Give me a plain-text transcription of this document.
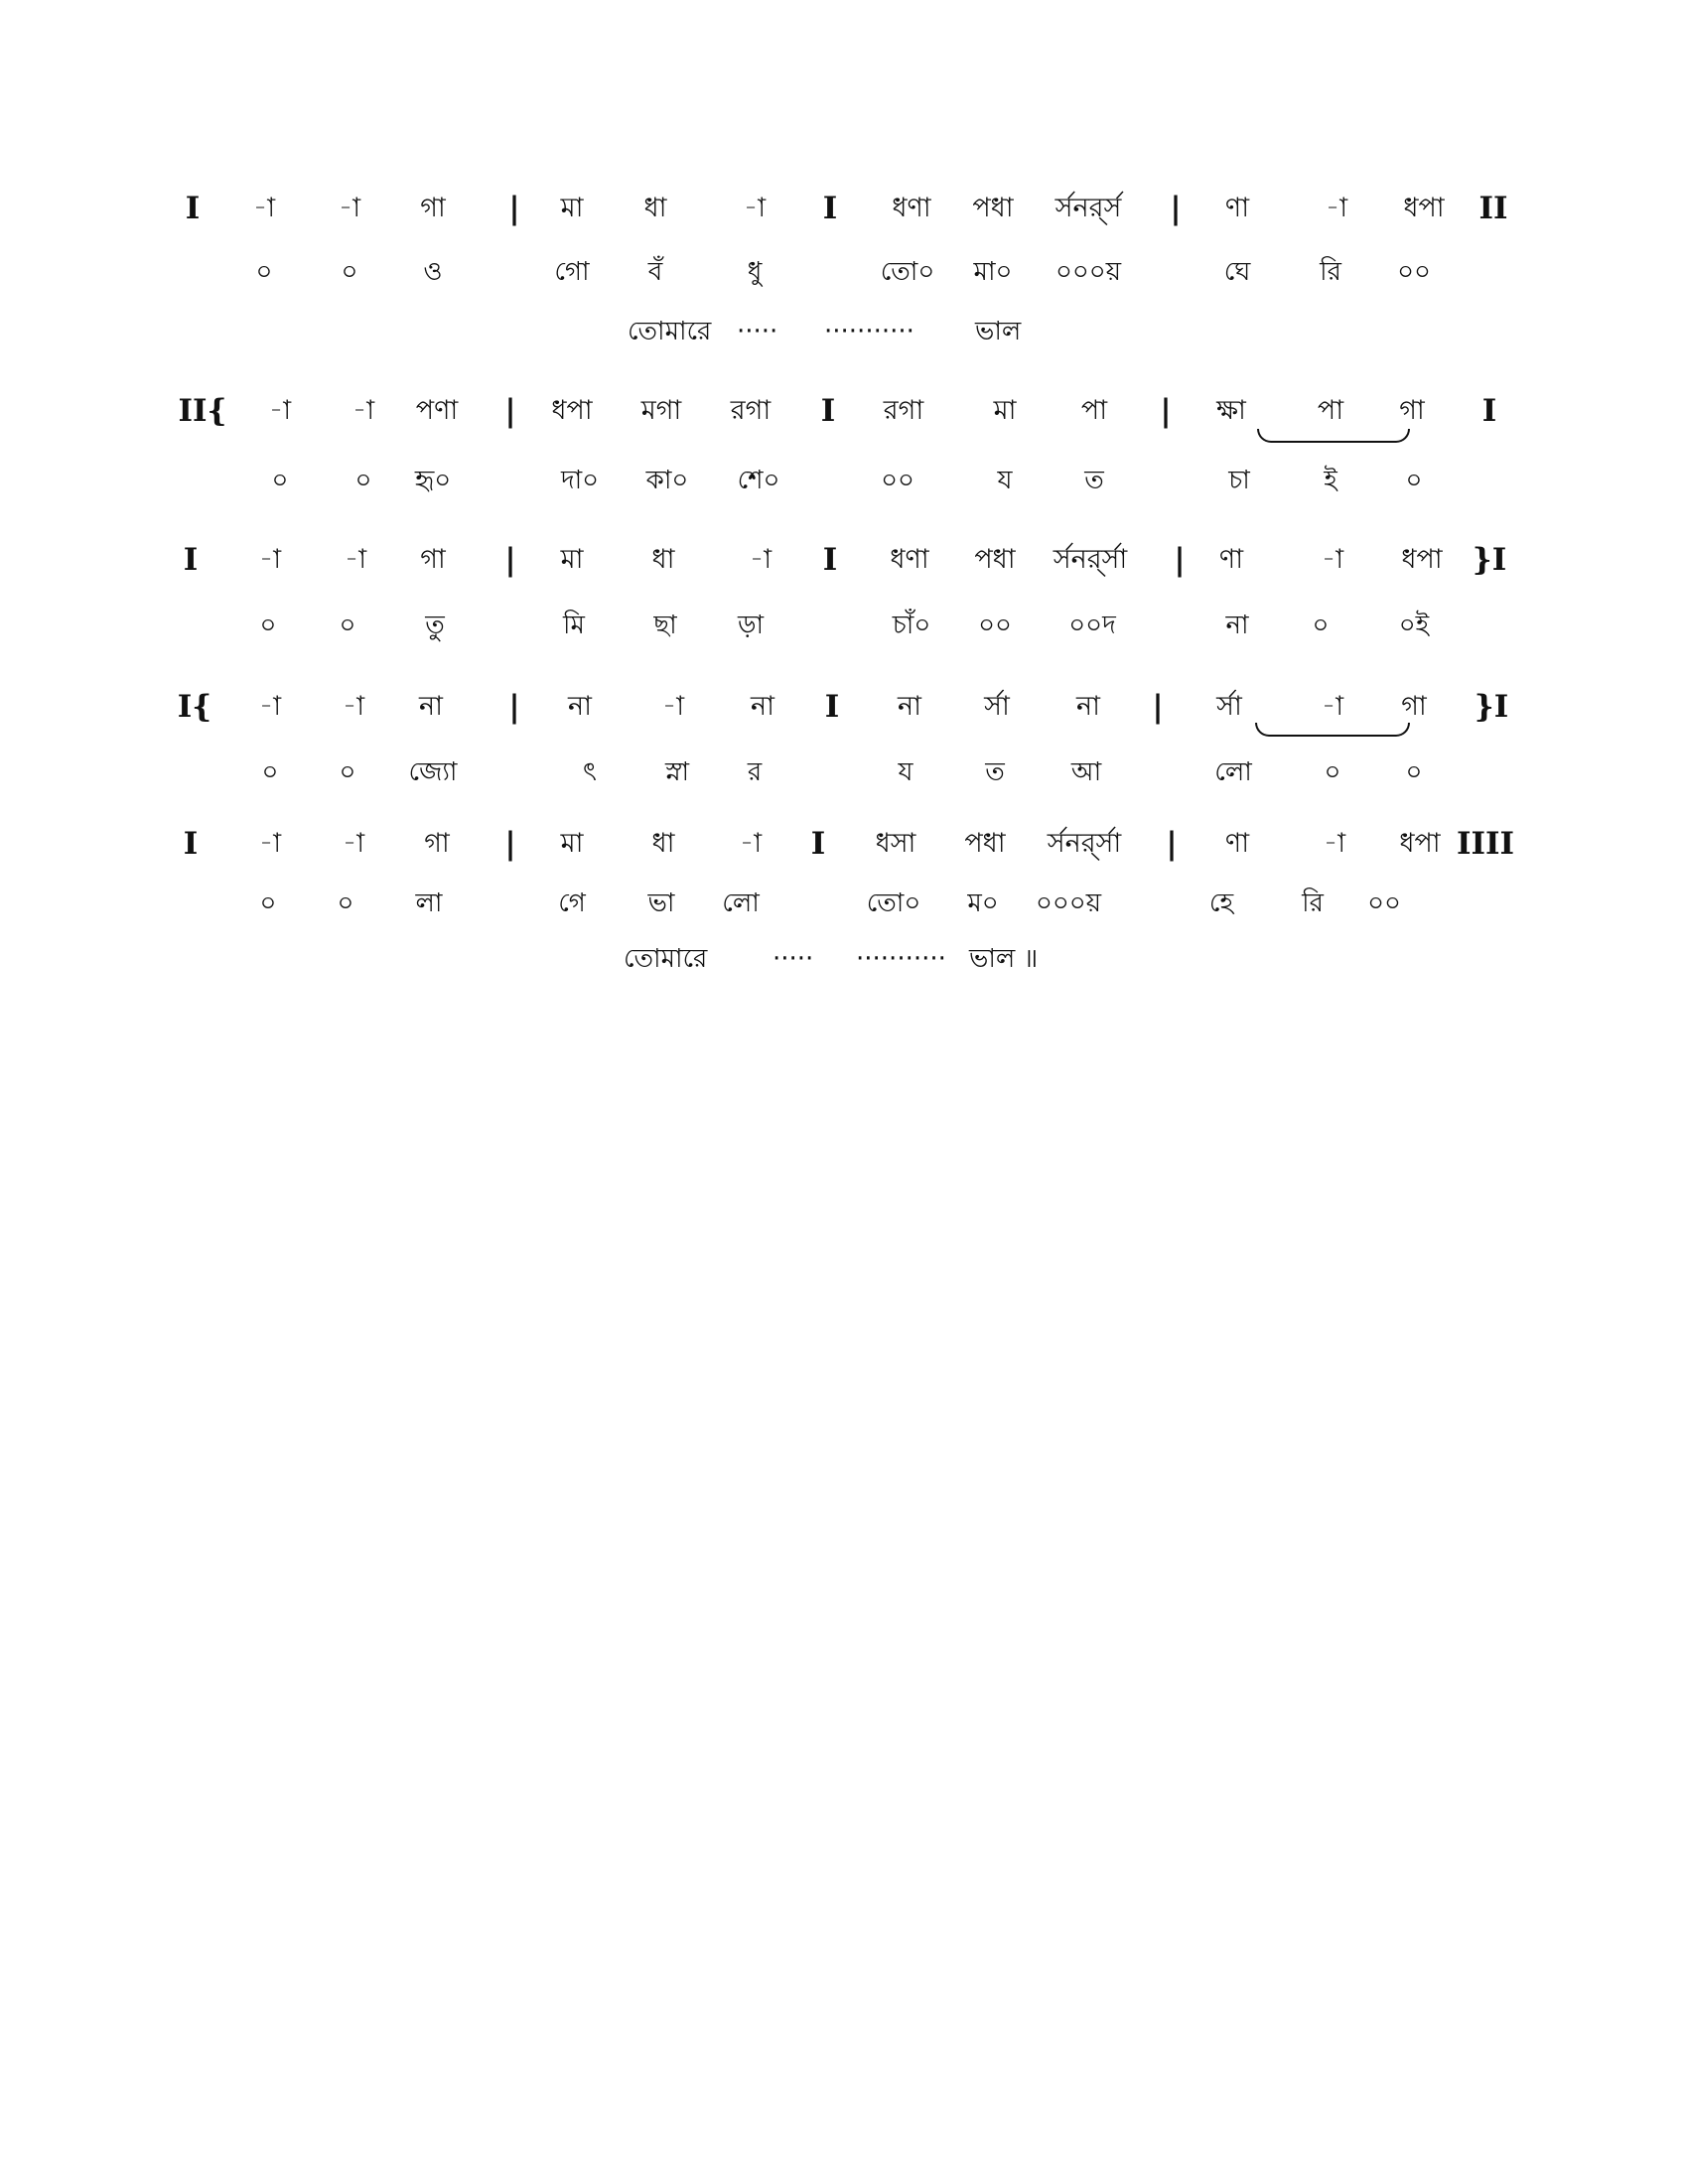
I -া -া গা | মা ধা	-া I ধণা পধা র্সনর্র্স | ণা	-া ধপা II
০	০	ও	গো বঁ	ধু	তো০ মা০ ০০০য়	ঘে	রি ০০
তোমারে ····· ··········· ভাল
II{ -া -া পণা | ধপা মগা রগা I রগা	মা পা | ক্ষা	পা গা I
০	০ হৃ০	দা০ কা০ শে০	০০	য	ত	চা	ই	০
I -া -া গা | মা	ধা	-া I ধণা পধা র্সনর্র্সা | ণা	-া ধপা }I
০ ০	তু	মি	ছা ড়া	চাঁ০ ০০ ০০দ	না ০	০ই
I{ -া -া না | না	-া না I না র্সা না | র্সা	-া গা }I
০ ০ জ্যো	ৎ	স্না র	য	ত	আ	লো	০	০
I -া -া গা | মা	ধা -া I ধসা পধা র্সনর্র্সা | ণা	-া ধপা IIII
০ ০ লা	গে ভা লো	তো০ ম০ ০০০য়	হে	রি ০০
তোমারে	····· ··········· ভাল ॥
